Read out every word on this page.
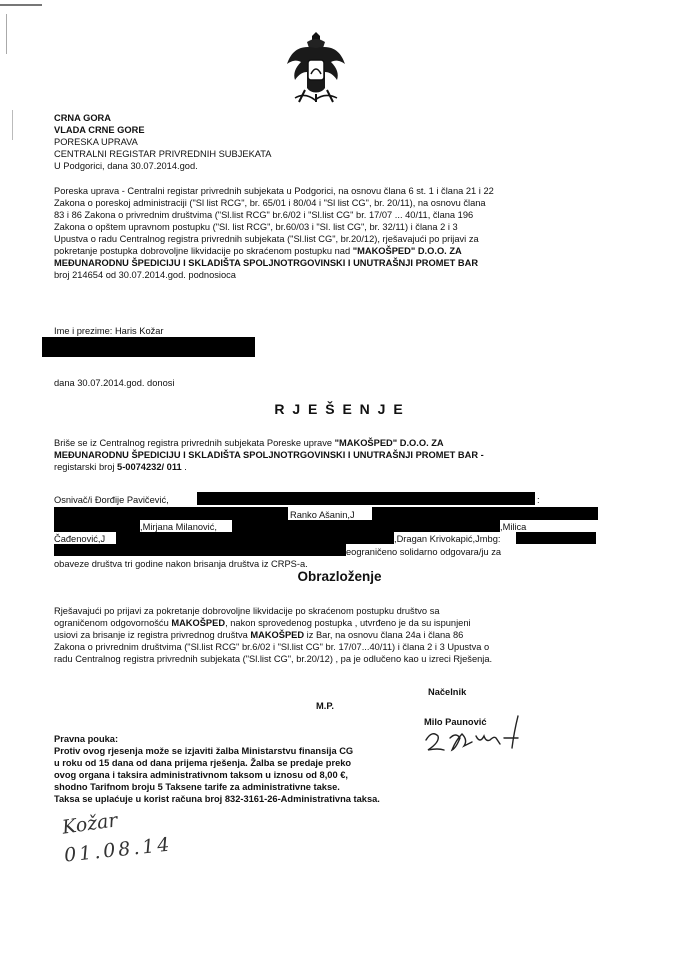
CRNA GORA
VLADA CRNE GORE
PORESKA UPRAVA
CENTRALNI REGISTAR PRIVREDNIH SUBJEKATA
U Podgorici, dana 30.07.2014.god.
Poreska uprava - Centralni registar privrednih subjekata u Podgorici, na osnovu člana 6 st. 1 i člana 21 i 22
Zakona o poreskoj administraciji ("Sl list RCG", br. 65/01 i 80/04 i "Sl list CG", br. 20/11), na osnovu člana
83 i 86 Zakona o privrednim društvima ("Sl.list RCG" br.6/02 i "Sl.list CG" br. 17/07 ... 40/11, člana 196
Zakona o opštem upravnom postupku ("Sl. list RCG", br.60/03 i "Sl. list CG", br. 32/11) i člana 2 i 3
Upustva o radu Centralnog registra privrednih subjekata ("Sl.list CG", br.20/12), rješavajući po prijavi za
pokretanje postupka dobrovoljne likvidacije po skraćenom postupku nad "MAKOŠPED" D.O.O. ZA
MEĐUNARODNU ŠPEDICIJU I SKLADIŠTA SPOLJNOTRGOVINSKI I UNUTRAŠNJI PROMET BAR
broj 214654 od 30.07.2014.god. podnosioca
Ime i prezime: Haris Kožar
dana 30.07.2014.god. donosi
R J E Š E N J E
Briše se iz Centralnog registra privrednih subjekata Poreske uprave "MAKOŠPED" D.O.O. ZA
MEĐUNARODNU ŠPEDICIJU I SKLADIŠTA SPOLJNOTRGOVINSKI I UNUTRAŠNJI PROMET BAR -
registarski broj 5-0074232/ 011 .
Osnivač/i Đorđije Pavičević,	:
Ranko Ašanin,J
,Mirjana Milanović,	,Milica
Čađenović,J	,Dragan Krivokapić,Jmbg:
eograničeno solidarno odgovara/ju za
obaveze društva tri godine nakon brisanja društva iz CRPS-a.
Obrazloženje
Rješavajući po prijavi za pokretanje dobrovoljne likvidacije po skraćenom postupku društvo sa
ograničenom odgovornošću MAKOŠPED, nakon sprovedenog postupka , utvrđeno je da su ispunjeni
usiovi za brisanje iz registra privrednog društva MAKOŠPED iz Bar, na osnovu člana 24a i člana 86
Zakona o privrednim društvima ("Sl.list RCG" br.6/02 i "Sl.list CG" br. 17/07...40/11) i člana 2 i 3 Upustva o
radu Centralnog registra privrednih subjekata ("Sl.list CG", br.20/12) , pa je odlučeno kao u izreci Rješenja.
Načelnik
M.P.
Milo Paunović
Pravna pouka:
Protiv ovog rjesenja može se izjaviti žalba Ministarstvu finansija CG
u roku od 15 dana od dana prijema rješenja. Žalba se predaje preko
ovog organa i taksira administrativnom taksom u iznosu od 8,00 €,
shodno Tarifnom broju 5 Taksene tarife za administrativne takse.
Taksa se uplaćuje u korist računa broj 832-3161-26-Administrativna taksa.
Kožar
01.08.14
